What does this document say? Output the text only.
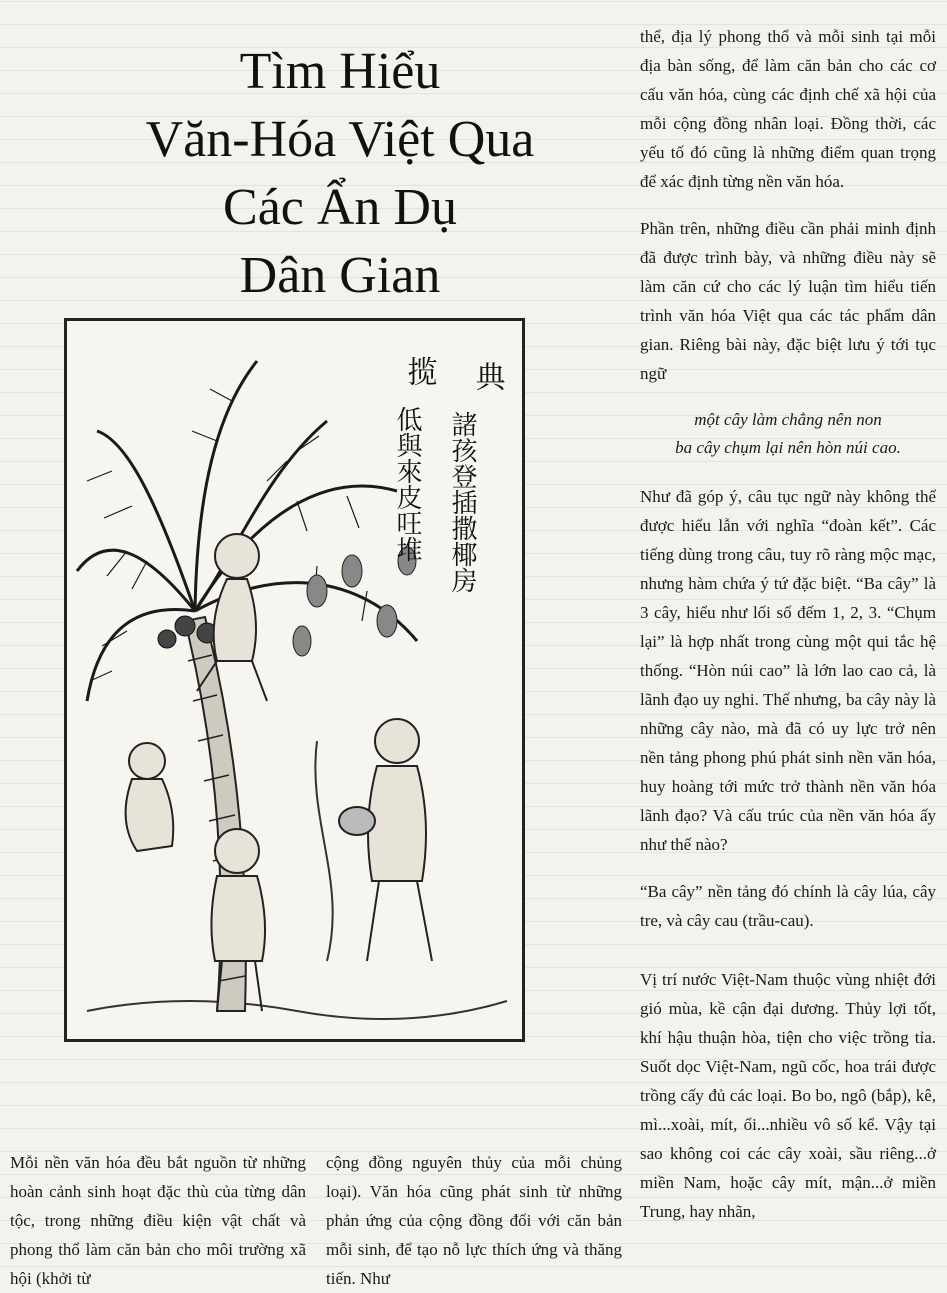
Tìm Hiểu
Văn-Hóa Việt Qua
Các Ẩn Dụ
Dân Gian
典
諸孩登插撒椰房
揽
低與來皮㕵堆

thể, địa lý phong thổ và mỗi sinh tại mỗi địa bàn sống, để làm căn bản cho các cơ cấu văn hóa, cùng các định chế xã hội của mỗi cộng đồng nhân loại. Đồng thời, các yếu tố đó cũng là những điểm quan trọng để xác định từng nền văn hóa.

Phần trên, những điều cần phải minh định đã được trình bày, và những điều này sẽ làm căn cứ cho các lý luận tìm hiểu tiến trình văn hóa Việt qua các tác phẩm dân gian. Riêng bài này, đặc biệt lưu ý tới tục ngữ

một cây làm chẳng nên non
ba cây chụm lại nên hòn núi cao.

Như đã góp ý, câu tục ngữ này không thể được hiểu lẫn với nghĩa “đoàn kết”. Các tiếng dùng trong câu, tuy rõ ràng mộc mạc, nhưng hàm chứa ý tứ đặc biệt. “Ba cây” là 3 cây, hiểu như lối số đếm 1, 2, 3. “Chụm lại” là hợp nhất trong cùng một qui tắc hệ thống. “Hòn núi cao” là lớn lao cao cả, là lãnh đạo uy nghi. Thế nhưng, ba cây này là những cây nào, mà đã có uy lực trở nên nền tảng phong phú phát sinh nền văn hóa, huy hoàng tới mức trở thành nền văn hóa lãnh đạo? Và cấu trúc của nền văn hóa ấy như thế nào?

“Ba cây” nền tảng đó chính là cây lúa, cây tre, và cây cau (trầu-cau).

Vị trí nước Việt-Nam thuộc vùng nhiệt đới gió mùa, kề cận đại dương. Thủy lợi tốt, khí hậu thuận hòa, tiện cho việc trồng tỉa. Suốt dọc Việt-Nam, ngũ cốc, hoa trái được trồng cấy đủ các loại. Bo bo, ngô (bắp), kê, mì...xoài, mít, ổi...nhiều vô số kể. Vậy tại sao không coi các cây xoài, sầu riêng...ở miền Nam, hoặc cây mít, mận...ở miền Trung, hay nhãn,

Mỗi nền văn hóa đều bắt nguồn từ những hoàn cảnh sinh hoạt đặc thù của từng dân tộc, trong những điều kiện vật chất và phong thổ làm căn bản cho môi trường xã hội (khởi từ

cộng đồng nguyên thủy của mỗi chủng loại). Văn hóa cũng phát sinh từ những phản ứng của cộng đồng đối với căn bản mỗi sinh, để tạo nỗ lực thích ứng và thăng tiến. Như
